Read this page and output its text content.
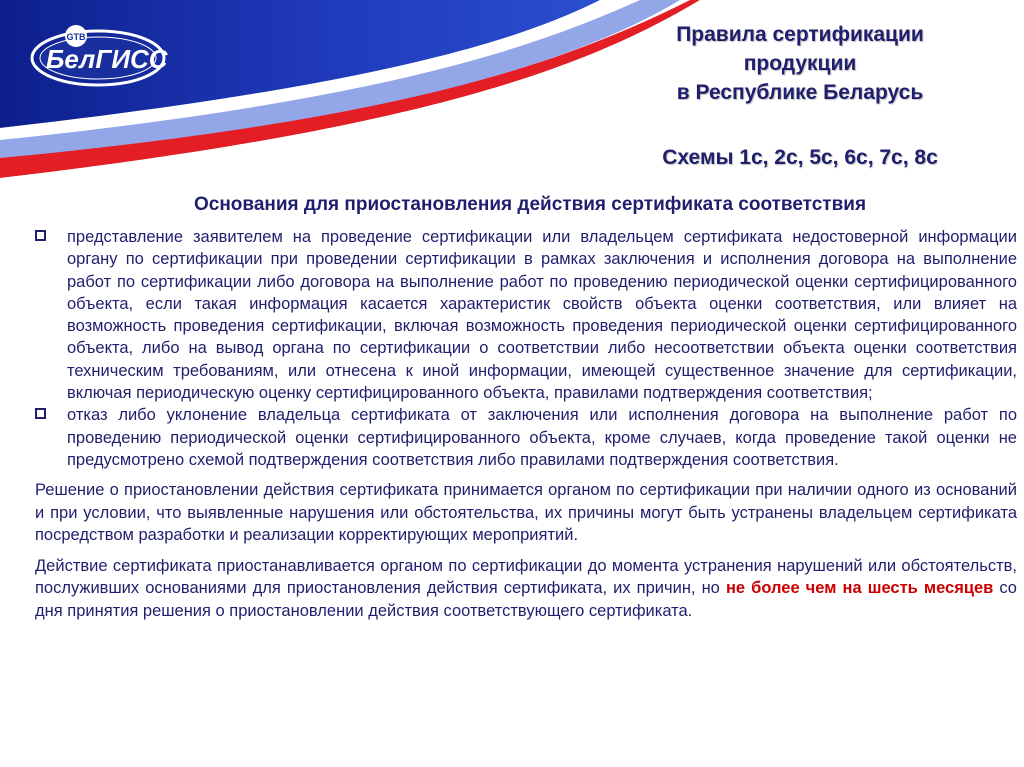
GTB
БелГИСС
Правила сертификации
продукции
в Республике Беларусь
Схемы 1с, 2с, 5с, 6с, 7с, 8с
Основания для приостановления действия сертификата соответствия
представление заявителем на проведение сертификации или владельцем сертификата недостоверной информации органу по сертификации при проведении сертификации в рамках заключения и исполнения договора на выполнение работ по сертификации либо договора на выполнение работ по проведению периодической оценки сертифицированного объекта, если такая информация касается характеристик свойств объекта оценки соответствия, или влияет на возможность проведения сертификации, включая возможность проведения периодической оценки сертифицированного объекта, либо на вывод органа по сертификации о соответствии либо несоответствии объекта оценки соответствия техническим требованиям, или отнесена к иной информации, имеющей существенное значение для сертификации, включая периодическую оценку сертифицированного объекта, правилами подтверждения соответствия;
отказ либо уклонение владельца сертификата от заключения или исполнения договора на выполнение работ по проведению периодической оценки сертифицированного объекта, кроме случаев, когда проведение такой оценки не предусмотрено схемой подтверждения соответствия либо правилами подтверждения соответствия.
Решение о приостановлении действия сертификата принимается органом по сертификации при наличии одного из оснований и при условии, что выявленные нарушения или обстоятельства, их причины могут быть устранены владельцем сертификата посредством разработки и реализации корректирующих мероприятий.
Действие сертификата приостанавливается органом по сертификации до момента устранения нарушений или обстоятельств, послуживших основаниями для приостановления действия сертификата, их причин, но не более чем на шесть месяцев со дня принятия решения о приостановлении действия соответствующего сертификата.
